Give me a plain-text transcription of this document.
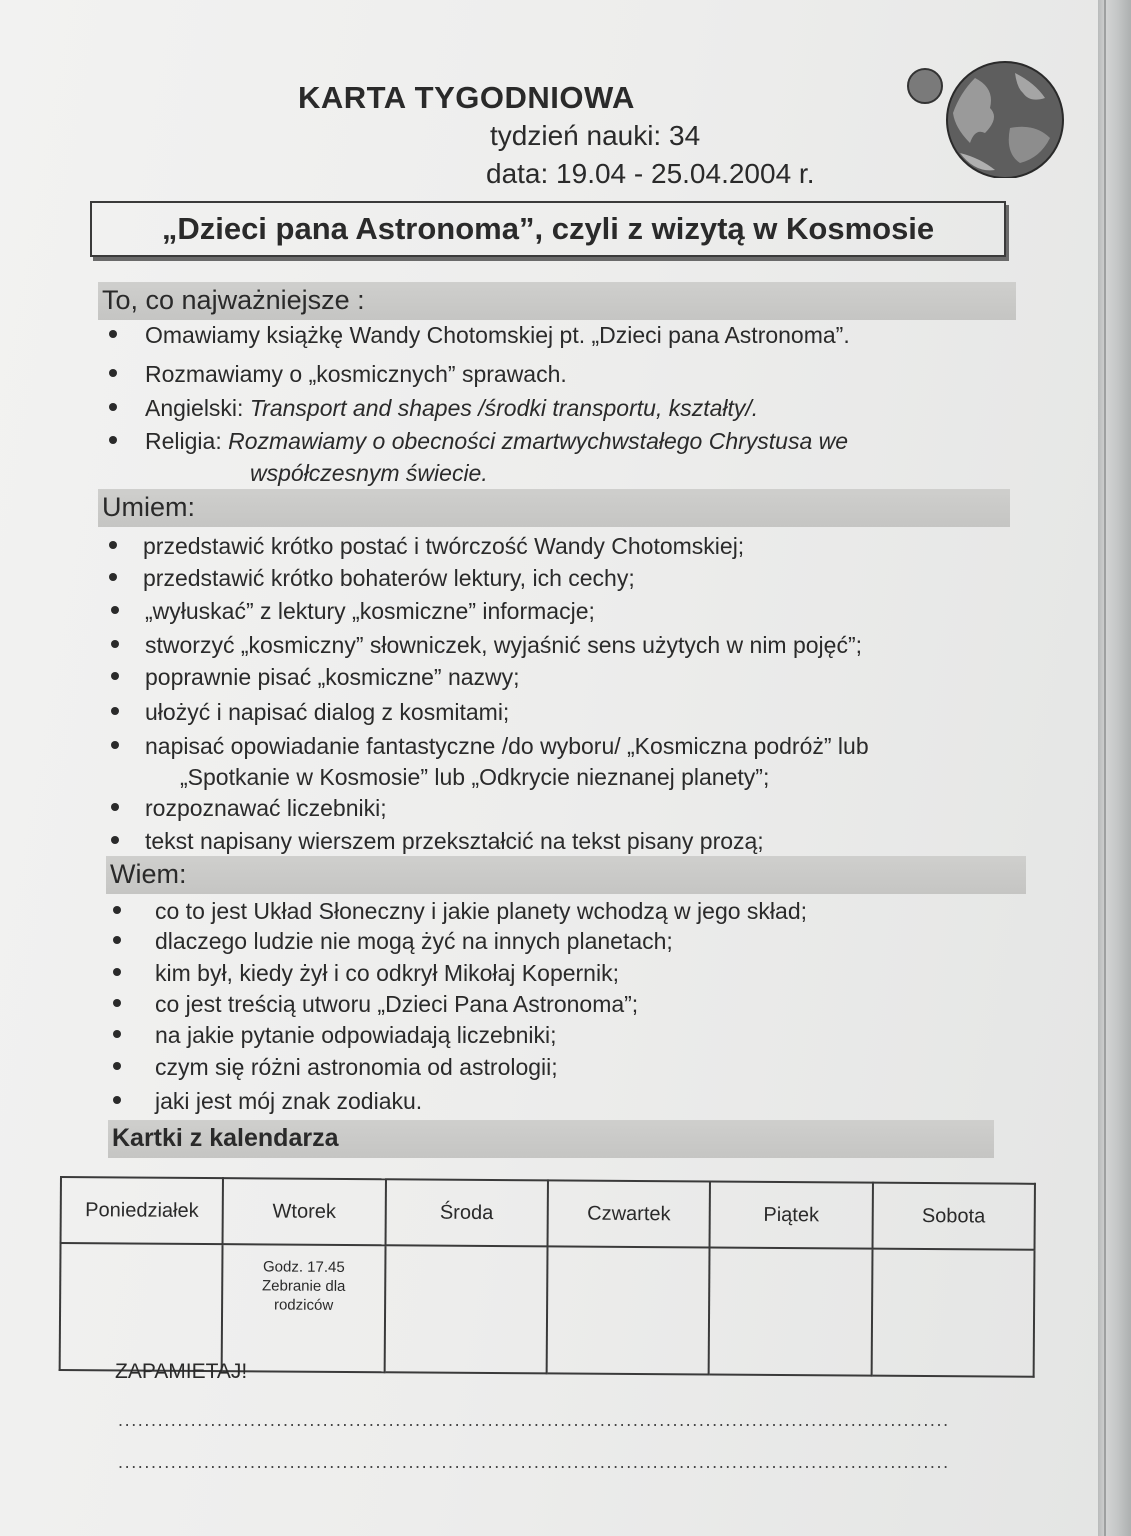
KARTA TYGODNIOWA
tydzień nauki: 34
data: 19.04 - 25.04.2004 r.
„Dzieci pana Astronoma”, czyli z wizytą w Kosmosie
To, co najważniejsze :
Omawiamy książkę Wandy Chotomskiej pt. „Dzieci pana Astronoma”.
Rozmawiamy o „kosmicznych” sprawach.
Angielski: Transport and shapes /środki transportu, kształty/.
Religia: Rozmawiamy o obecności zmartwychwstałego Chrystusa we
współczesnym świecie.
Umiem:
przedstawić krótko postać i twórczość Wandy Chotomskiej;
przedstawić krótko bohaterów lektury, ich cechy;
„wyłuskać” z lektury „kosmiczne” informacje;
stworzyć „kosmiczny” słowniczek, wyjaśnić sens użytych w nim pojęć”;
poprawnie pisać „kosmiczne” nazwy;
ułożyć i napisać dialog z kosmitami;
napisać opowiadanie fantastyczne /do wyboru/ „Kosmiczna podróż” lub
„Spotkanie w Kosmosie” lub „Odkrycie nieznanej planety”;
rozpoznawać liczebniki;
tekst napisany wierszem przekształcić na tekst pisany prozą;
Wiem:
co to jest Układ Słoneczny i jakie planety wchodzą w jego skład;
dlaczego ludzie nie mogą żyć na innych planetach;
kim był, kiedy żył i co odkrył Mikołaj Kopernik;
co jest treścią utworu „Dzieci Pana Astronoma”;
na jakie pytanie odpowiadają liczebniki;
czym się różni astronomia od astrologii;
jaki jest mój znak zodiaku.
Kartki z kalendarza
Poniedziałek	Wtorek	Środa	Czwartek	Piątek	Sobota

	Godz. 17.45
Zebranie dla
rodziców				

ZAPAMIETAJ!
..............................................................................................................................
..............................................................................................................................
